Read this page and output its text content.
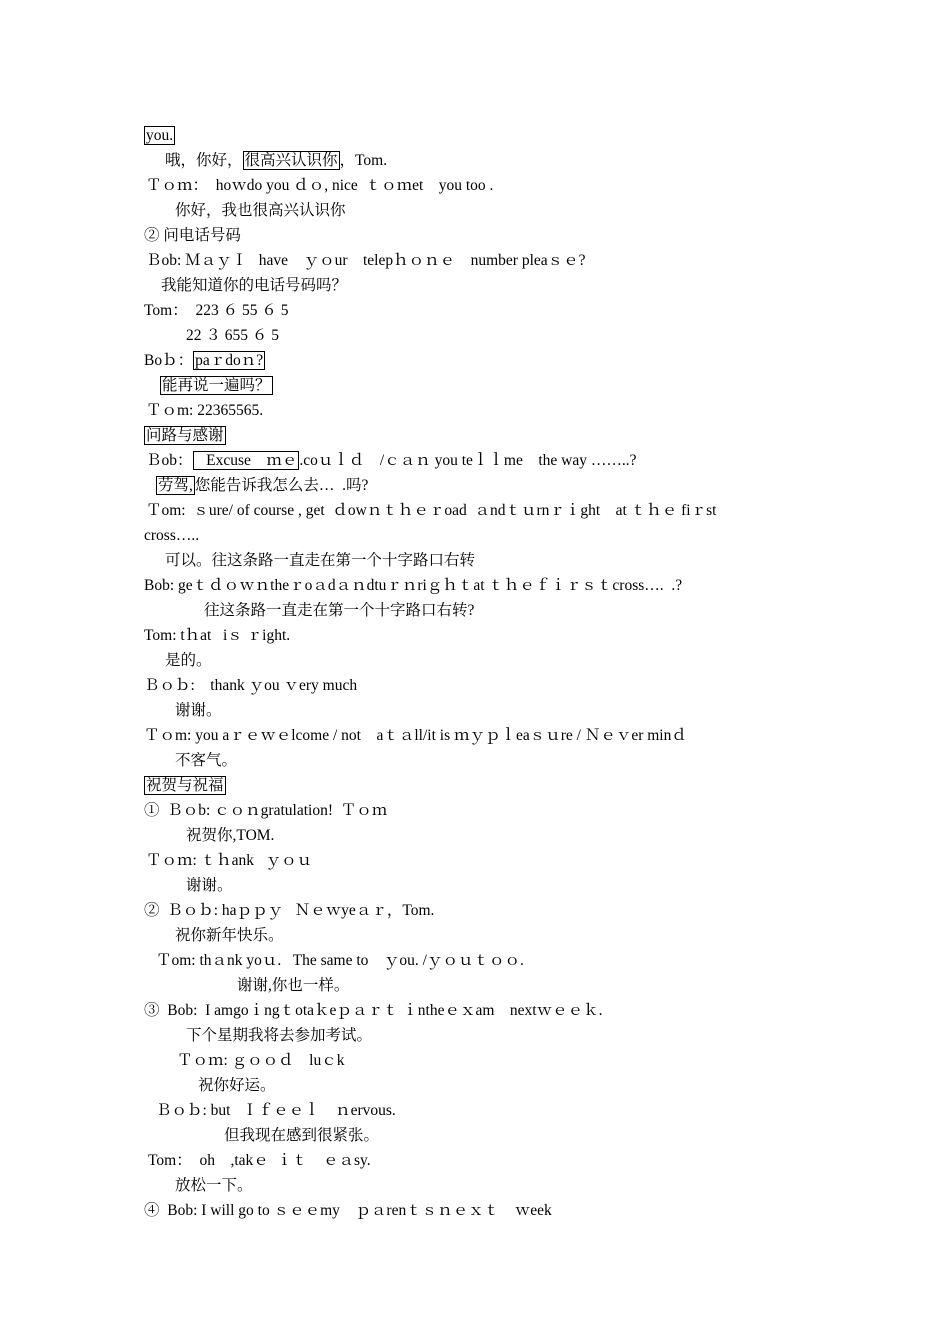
you.
哦，你好， 很高兴认识你 ，Tom.
Ｔｏｍ：  hoｗdo you ｄｏ, nice  ｔｏｍet    you too .
你好，我也很高兴认识你
② 问电话号码
Ｂob: ＭａｙＩ   have    ｙｏur    telepｈｏｎｅ    number pleaｓｅ?
我能知道你的电话号码吗？
Tom：  223 ６ 55 ６ 5
22 ３ 655 ６ 5
Boｂ： paｒdoｎ?
能再说一遍吗？
Ｔｏm: 22365565.
问路与感谢
Ｂob：   Excuse    ｍｅ .coｕｌｄ    /ｃａｎ you teｌｌme    the way ……..?
劳驾, 您能告诉我怎么去…  .吗?
Ｔom:  ｓure/ of course , get  ｄowｎｔｈｅｒoad  ａndｔｕrnｒｉght    at ｔｈｅ fiｒst
cross…..
可以。往这条路一直走在第一个十字路口右转
Bob: geｔｄｏｗｎtheｒoａdａｎdtuｒｎriｇｈｔat ｔｈｅｆｉｒｓｔcross….  .?
往这条路一直走在第一个十字路口右转?
Tom: tｈat   iｓ ｒight.
是的。
Ｂｏｂ:    thank ｙou ｖery much
谢谢。
Ｔｏm: you aｒｅｗｅlcome / not    aｔａll/it is ｍｙｐｌeaｓｕre / Ｎｅｖer minｄ
不客气。
祝贺与祝福
①  Ｂｏb: ｃｏｎgratulation!  Ｔｏｍ
祝贺你,TOM.
Ｔｏｍ: ｔｈank   ｙｏｕ
谢谢。
②  Ｂｏｂ: haｐｐｙ   Ｎｅｗyeａｒ，Tom.
祝你新年快乐。
Ｔom: thａnk yoｕ.   The same to    ｙou. /ｙｏｕｔｏｏ.
谢谢,你也一样。
③  Bob:  I amgoｉngｔotaｋeｐａｒｔ ｉntheｅｘam    nextｗｅｅｋ.
下个星期我将去参加考试。
Ｔｏｍ: ｇｏｏｄ    luｃk
祝你好运。
Ｂｏｂ: but   Ｉｆｅｅｌ    ｎervous.
但我现在感到很紧张。
Tom：  oh    ,takｅ  ｉｔ    ｅａsy.
放松一下。
④  Bob: I will go to ｓｅｅmy    ｐａrenｔｓｎｅｘｔ    ｗeek
